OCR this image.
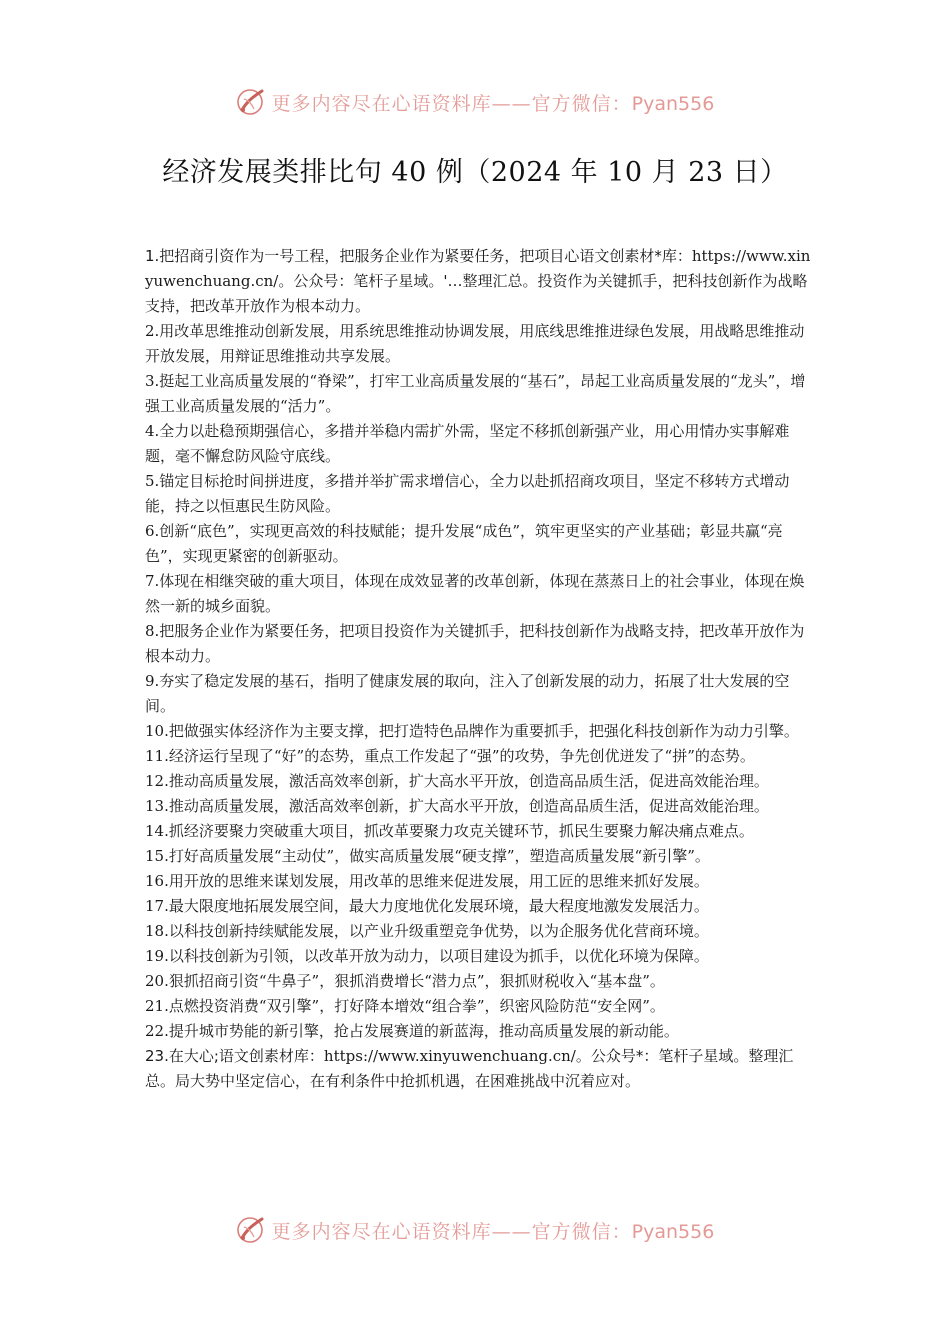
更多内容尽在心语资料库——官方微信：Pyan556
经济发展类排比句 40 例（2024 年 10 月 23 日）

1.把招商引资作为一号工程，把服务企业作为紧要任务，把项目心语文创素材*库：https://www.xinyuwenchuang.cn/。公众号：笔杆子星域。'…整理汇总。投资作为关键抓手，把科技创新作为战略支持，把改革开放作为根本动力。

2.用改革思维推动创新发展，用系统思维推动协调发展，用底线思维推进绿色发展，用战略思维推动开放发展，用辩证思维推动共享发展。

3.挺起工业高质量发展的“脊梁”，打牢工业高质量发展的“基石”，昂起工业高质量发展的“龙头”，增强工业高质量发展的“活力”。

4.全力以赴稳预期强信心，多措并举稳内需扩外需，坚定不移抓创新强产业，用心用情办实事解难题，毫不懈怠防风险守底线。

5.锚定目标抢时间拼进度，多措并举扩需求增信心，全力以赴抓招商攻项目，坚定不移转方式增动能，持之以恒惠民生防风险。

6.创新“底色”，实现更高效的科技赋能；提升发展“成色”，筑牢更坚实的产业基础；彰显共赢“亮色”，实现更紧密的创新驱动。

7.体现在相继突破的重大项目，体现在成效显著的改革创新，体现在蒸蒸日上的社会事业，体现在焕然一新的城乡面貌。

8.把服务企业作为紧要任务，把项目投资作为关键抓手，把科技创新作为战略支持，把改革开放作为根本动力。

9.夯实了稳定发展的基石，指明了健康发展的取向，注入了创新发展的动力，拓展了壮大发展的空间。

10.把做强实体经济作为主要支撑，把打造特色品牌作为重要抓手，把强化科技创新作为动力引擎。

11.经济运行呈现了“好”的态势，重点工作发起了“强”的攻势，争先创优迸发了“拼”的态势。

12.推动高质量发展，激活高效率创新，扩大高水平开放，创造高品质生活，促进高效能治理。

13.推动高质量发展，激活高效率创新，扩大高水平开放，创造高品质生活，促进高效能治理。

14.抓经济要聚力突破重大项目，抓改革要聚力攻克关键环节，抓民生要聚力解决痛点难点。

15.打好高质量发展“主动仗”，做实高质量发展“硬支撑”，塑造高质量发展“新引擎”。

16.用开放的思维来谋划发展，用改革的思维来促进发展，用工匠的思维来抓好发展。

17.最大限度地拓展发展空间，最大力度地优化发展环境，最大程度地激发发展活力。

18.以科技创新持续赋能发展，以产业升级重塑竞争优势，以为企服务优化营商环境。

19.以科技创新为引领，以改革开放为动力，以项目建设为抓手，以优化环境为保障。

20.狠抓招商引资“牛鼻子”，狠抓消费增长“潜力点”，狠抓财税收入“基本盘”。

21.点燃投资消费“双引擎”，打好降本增效“组合拳”，织密风险防范“安全网”。

22.提升城市势能的新引擎，抢占发展赛道的新蓝海，推动高质量发展的新动能。

23.在大心;语文创素材库：https://www.xinyuwenchuang.cn/。公众号*：笔杆子星域。整理汇总。局大势中坚定信心，在有利条件中抢抓机遇，在困难挑战中沉着应对。

更多内容尽在心语资料库——官方微信：Pyan556
